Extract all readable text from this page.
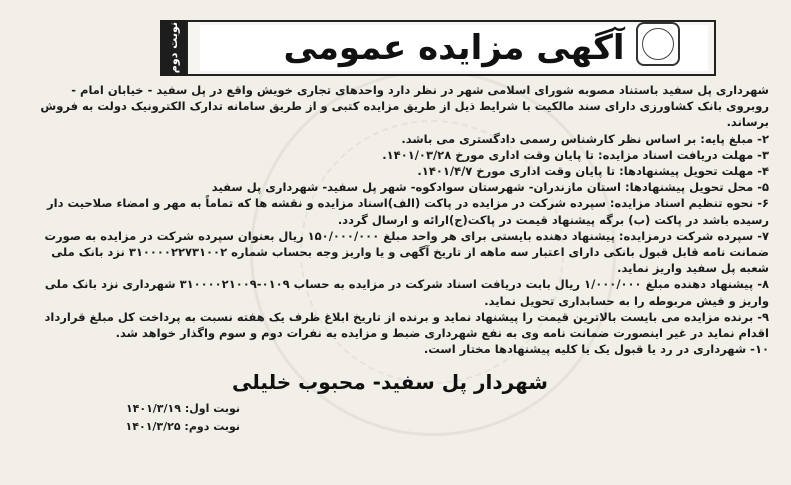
نوبت دوم	آگهی مزایده عمومی

شهرداری پل سفید باستناد مصوبه شورای اسلامی شهر در نظر دارد واحدهای تجاری خویش واقع در پل سفید - خیابان امام - روبروی بانک کشاورزی دارای سند مالکیت با شرایط ذیل از طریق مزایده کتبی و از طریق سامانه تدارک الکترونیک دولت به فروش برساند.

۲- مبلغ پایه: بر اساس نظر کارشناس رسمی دادگستری می باشد.

۳- مهلت دریافت اسناد مزایده: تا پایان وقت اداری مورخ ۱۴۰۱/۰۳/۲۸.

۴- مهلت تحویل پیشنهادها: تا پایان وقت اداری مورخ ۱۴۰۱/۴/۷.

۵- محل تحویل پیشنهادها: استان مازندران- شهرستان سوادکوه- شهر پل سفید- شهرداری پل سفید

۶- نحوه تنظیم اسناد مزایده: سپرده شرکت در مزایده در پاکت (الف)اسناد مزایده و نقشه ها که تماماً به مهر و امضاء صلاحیت دار رسیده باشد در پاکت (ب) برگه پیشنهاد قیمت در پاکت(ج)ارائه و ارسال گردد.

۷- سپرده شرکت درمزایده: پیشنهاد دهنده بایستی برای هر واحد مبلغ ۱۵۰/۰۰۰/۰۰۰ ریال بعنوان سپرده شرکت در مزایده به صورت ضمانت نامه قابل قبول بانکی دارای اعتبار سه ماهه از تاریخ آگهی و یا واریز وجه بحساب شماره ۳۱۰۰۰۰۲۲۷۳۱۰۰۲ نزد بانک ملی شعبه پل سفید واریز نماید.

۸- پیشنهاد دهنده مبلغ ۱/۰۰۰/۰۰۰ ریال بابت دریافت اسناد شرکت در مزایده به حساب ۰۱۰۹-۳۱۰۰۰۰۲۱۰۰۹ شهرداری نزد بانک ملی واریز و فیش مربوطه را به حسابداری تحویل نماید.

۹- برنده مزایده می بایست بالاترین قیمت را پیشنهاد نماید و برنده از تاریخ ابلاغ ظرف یک هفته نسبت به پرداخت کل مبلغ قرارداد اقدام نماید در غیر اینصورت ضمانت نامه وی به نفع شهرداری ضبط و مزایده به نفرات دوم و سوم واگذار خواهد شد.

۱۰- شهرداری در رد یا قبول یک یا کلیه پیشنهادها مختار است.

شهردار پل سفید- محبوب خلیلی
نوبت اول: ۱۴۰۱/۳/۱۹
نوبت دوم: ۱۴۰۱/۳/۲۵
